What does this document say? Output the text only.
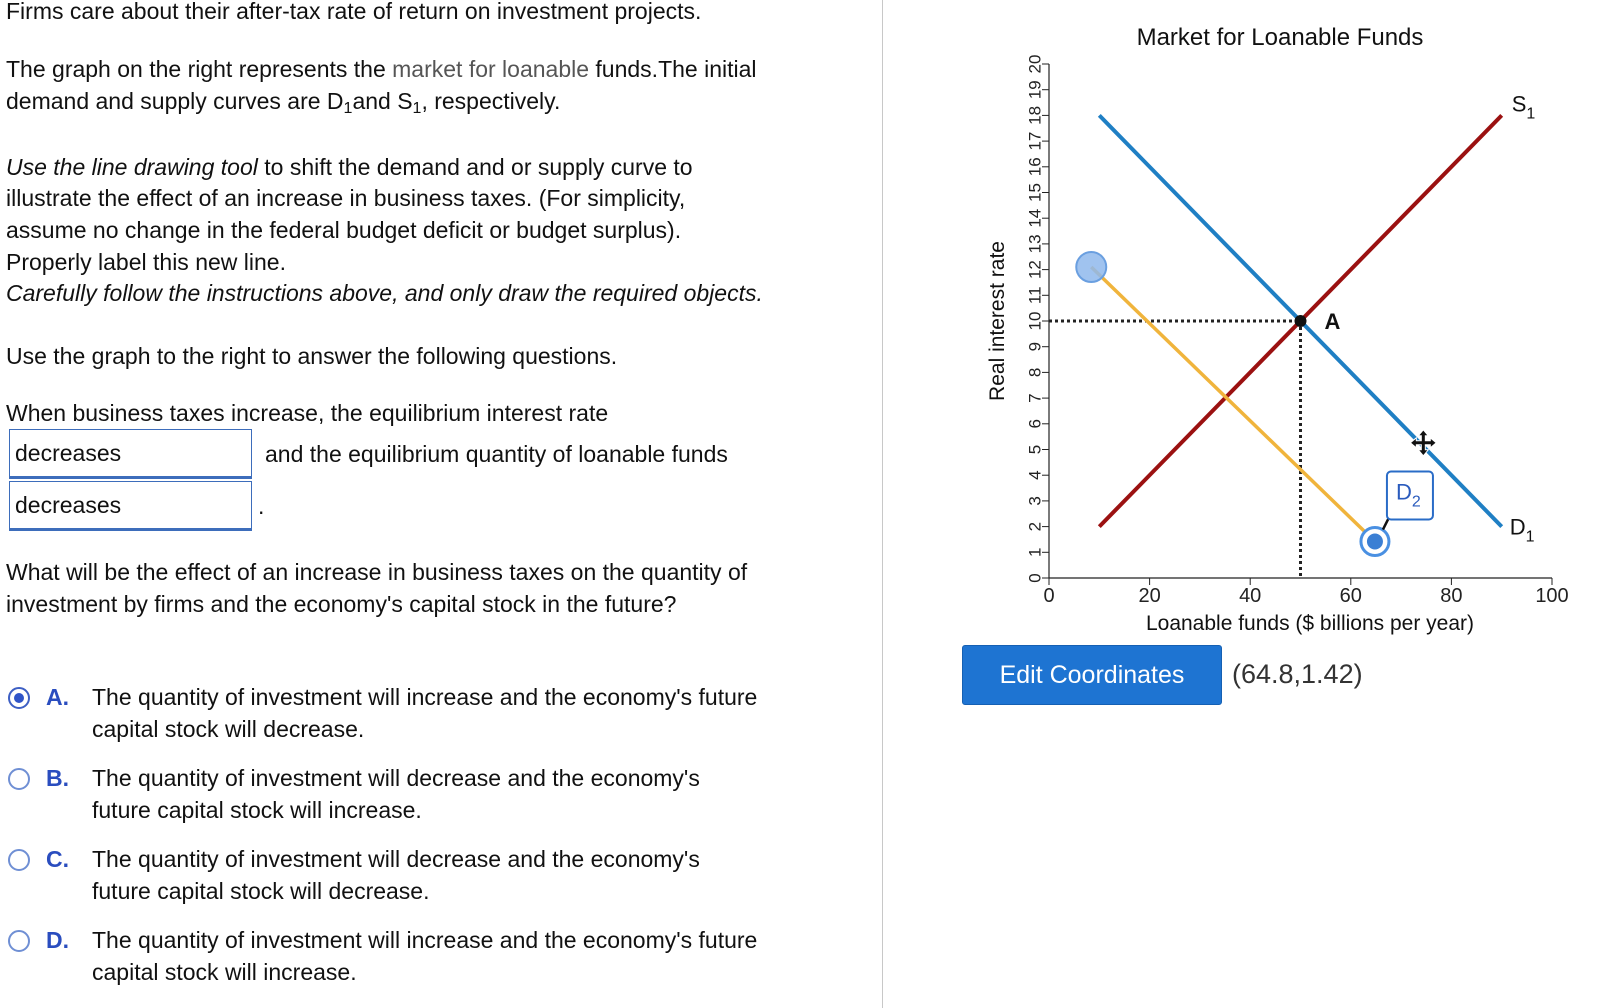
Firms care about their after-tax rate of return on investment projects.

The graph on the right represents the market for loanable funds.The initial

demand and supply curves are $D_1and$ $S_1$, respectively.

Use the line drawing tool to shift the demand and or supply curve to

illustrate the effect of an increase in business taxes. (For simplicity,

assume no change in the federal budget deficit or budget surplus).

Properly label this new line.

Carefully follow the instructions above, and only draw the required objects.

Use the graph to the right to answer the following questions.

When business taxes increase, the equilibrium interest rate

decreases	and the equilibrium quantity of loanable funds

decreases	.

What will be the effect of an increase in business taxes on the quantity of

investment by firms and the economy's capital stock in the future?

A. The quantity of investment will increase and the economy's future
capital stock will decrease.
B. The quantity of investment will decrease and the economy's
future capital stock will increase.
C. The quantity of investment will decrease and the economy's
future capital stock will decrease.
D. The quantity of investment will increase and the economy's future
capital stock will increase.
Market for Loanable Funds
Real interest rate
Loanable funds ($ billions per year)
0
1
2
3
4
5
6
7
8
9
10
11
12
13
14
15
16
17
18
19
20
0	20	40	60	80	100
$S_1$
$D_1$
A
$D_2$
Edit Coordinates	(64.8,1.42)
